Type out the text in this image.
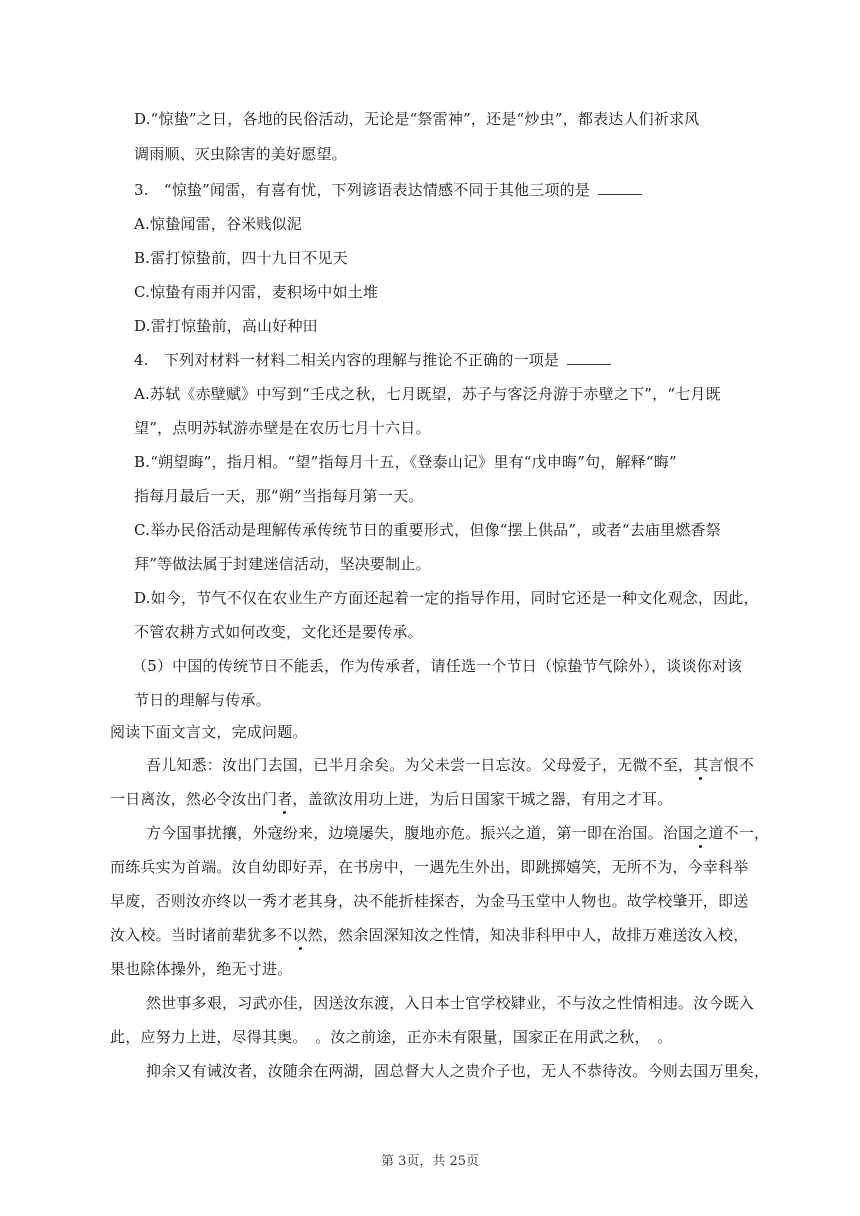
D.“惊蛰”之日，各地的民俗活动，无论是“祭雷神”，还是“炒虫”，都表达人们祈求风
调雨顺、灭虫除害的美好愿望。
3.　“惊蛰”闻雷，有喜有忧，下列谚语表达情感不同于其他三项的是
A.惊蛰闻雷，谷米贱似泥
B.雷打惊蛰前，四十九日不见天
C.惊蛰有雨并闪雷，麦积场中如土堆
D.雷打惊蛰前，高山好种田
4.　下列对材料一材料二相关内容的理解与推论不正确的一项是
A.苏轼《赤壁赋》中写到“壬戌之秋，七月既望，苏子与客泛舟游于赤壁之下”，“七月既
望”，点明苏轼游赤壁是在农历七月十六日。
B.“朔望晦”，指月相。“望”指每月十五，《登泰山记》里有“戊申晦”句，解释“晦”
指每月最后一天，那“朔”当指每月第一天。
C.举办民俗活动是理解传承传统节日的重要形式，但像“摆上供品”，或者“去庙里燃香祭
拜”等做法属于封建迷信活动，坚决要制止。
D.如今，节气不仅在农业生产方面还起着一定的指导作用，同时它还是一种文化观念，因此，
不管农耕方式如何改变，文化还是要传承。
（5）中国的传统节日不能丢，作为传承者，请任选一个节日（惊蛰节气除外），谈谈你对该
节日的理解与传承。
阅读下面文言文，完成问题。
吾儿知悉：汝出门去国，已半月余矣。为父未尝一日忘汝。父母爱子，无微不至，其言恨不
一日离汝，然必令汝出门者，盖欲汝用功上进，为后日国家干城之器，有用之才耳。
方今国事扰攘，外寇纷来，边境屡失，腹地亦危。振兴之道，第一即在治国。治国之道不一，
而练兵实为首端。汝自幼即好弄，在书房中，一遇先生外出，即跳掷嬉笑，无所不为，今幸科举
早废，否则汝亦终以一秀才老其身，决不能折桂探杏，为金马玉堂中人物也。故学校肇开，即送
汝入校。当时诸前辈犹多不以然，然余固深知汝之性情，知决非科甲中人，故排万难送汝入校，
果也除体操外，绝无寸进。
然世事多艰，习武亦佳，因送汝东渡，入日本士官学校肄业，不与汝之性情相违。汝今既入
此，应努力上进，尽得其奥。　。汝之前途，正亦未有限量，国家正在用武之秋，　。
抑余又有诫汝者，汝随余在两湖，固总督大人之贵介子也，无人不恭待汝。今则去国万里矣，
第 3页，共 25页
